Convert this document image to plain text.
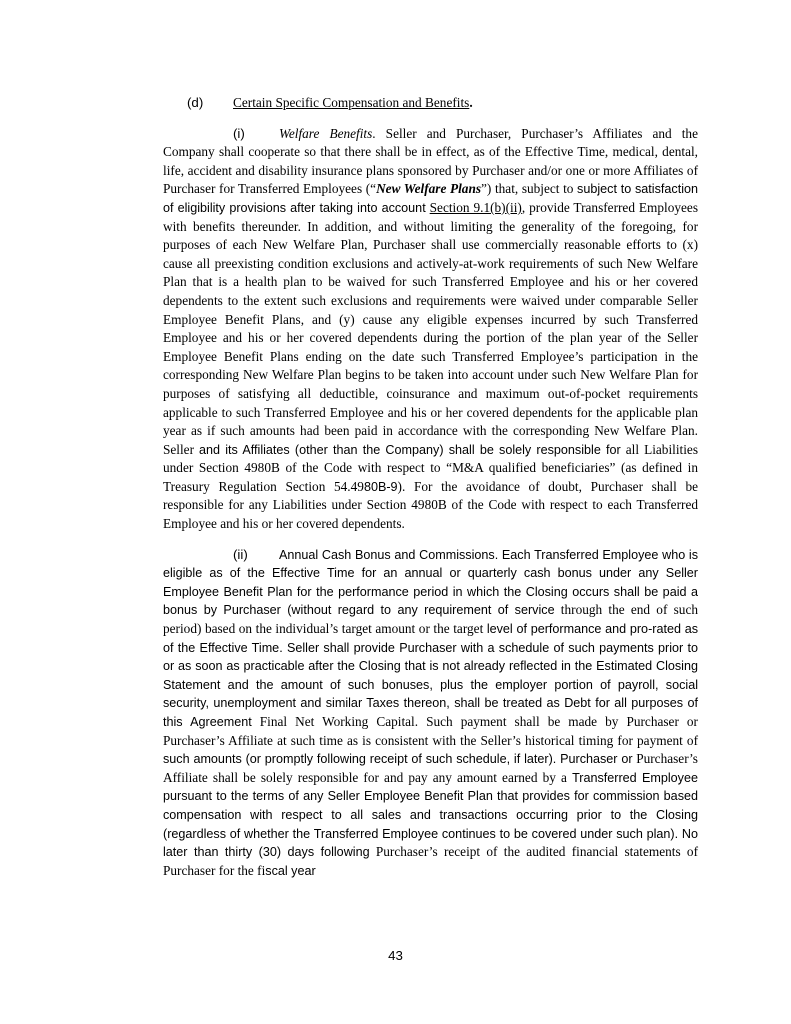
(d) Certain Specific Compensation and Benefits.

(i)	Welfare Benefits. Seller and Purchaser, Purchaser’s Affiliates and the Company shall cooperate so that there shall be in effect, as of the Effective Time, medical, dental, life, accident and disability insurance plans sponsored by Purchaser and/or one or more Affiliates of Purchaser for Transferred Employees (“New Welfare Plans”) that, subject to subject to satisfaction of eligibility provisions after taking into account Section 9.1(b)(ii), provide Transferred Employees with benefits thereunder. In addition, and without limiting the generality of the foregoing, for purposes of each New Welfare Plan, Purchaser shall use commercially reasonable efforts to (x) cause all preexisting condition exclusions and actively-at-work requirements of such New Welfare Plan that is a health plan to be waived for such Transferred Employee and his or her covered dependents to the extent such exclusions and requirements were waived under comparable Seller Employee Benefit Plans, and (y) cause any eligible expenses incurred by such Transferred Employee and his or her covered dependents during the portion of the plan year of the Seller Employee Benefit Plans ending on the date such Transferred Employee’s participation in the corresponding New Welfare Plan begins to be taken into account under such New Welfare Plan for purposes of satisfying all deductible, coinsurance and maximum out-of-pocket requirements applicable to such Transferred Employee and his or her covered dependents for the applicable plan year as if such amounts had been paid in accordance with the corresponding New Welfare Plan. Seller and its Affiliates (other than the Company) shall be solely responsible for all Liabilities under Section 4980B of the Code with respect to “M&A qualified beneficiaries” (as defined in Treasury Regulation Section 54.4980B-9). For the avoidance of doubt, Purchaser shall be responsible for any Liabilities under Section 4980B of the Code with respect to each Transferred Employee and his or her covered dependents.

(ii) Annual Cash Bonus and Commissions. Each Transferred Employee who is eligible as of the Effective Time for an annual or quarterly cash bonus under any Seller Employee Benefit Plan for the performance period in which the Closing occurs shall be paid a bonus by Purchaser (without regard to any requirement of service through the end of such period) based on the individual’s target amount or the target level of performance and pro-rated as of the Effective Time. Seller shall provide Purchaser with a schedule of such payments prior to or as soon as practicable after the Closing that is not already reflected in the Estimated Closing Statement and the amount of such bonuses, plus the employer portion of payroll, social security, unemployment and similar Taxes thereon, shall be treated as Debt for all purposes of this Agreement Final Net Working Capital. Such payment shall be made by Purchaser or Purchaser’s Affiliate at such time as is consistent with the Seller’s historical timing for payment of such amounts (or promptly following receipt of such schedule, if later). Purchaser or Purchaser’s Affiliate shall be solely responsible for and pay any amount earned by a Transferred Employee pursuant to the terms of any Seller Employee Benefit Plan that provides for commission based compensation with respect to all sales and transactions occurring prior to the Closing (regardless of whether the Transferred Employee continues to be covered under such plan). No later than thirty (30) days following Purchaser’s receipt of the audited financial statements of Purchaser for the fiscal year

43
